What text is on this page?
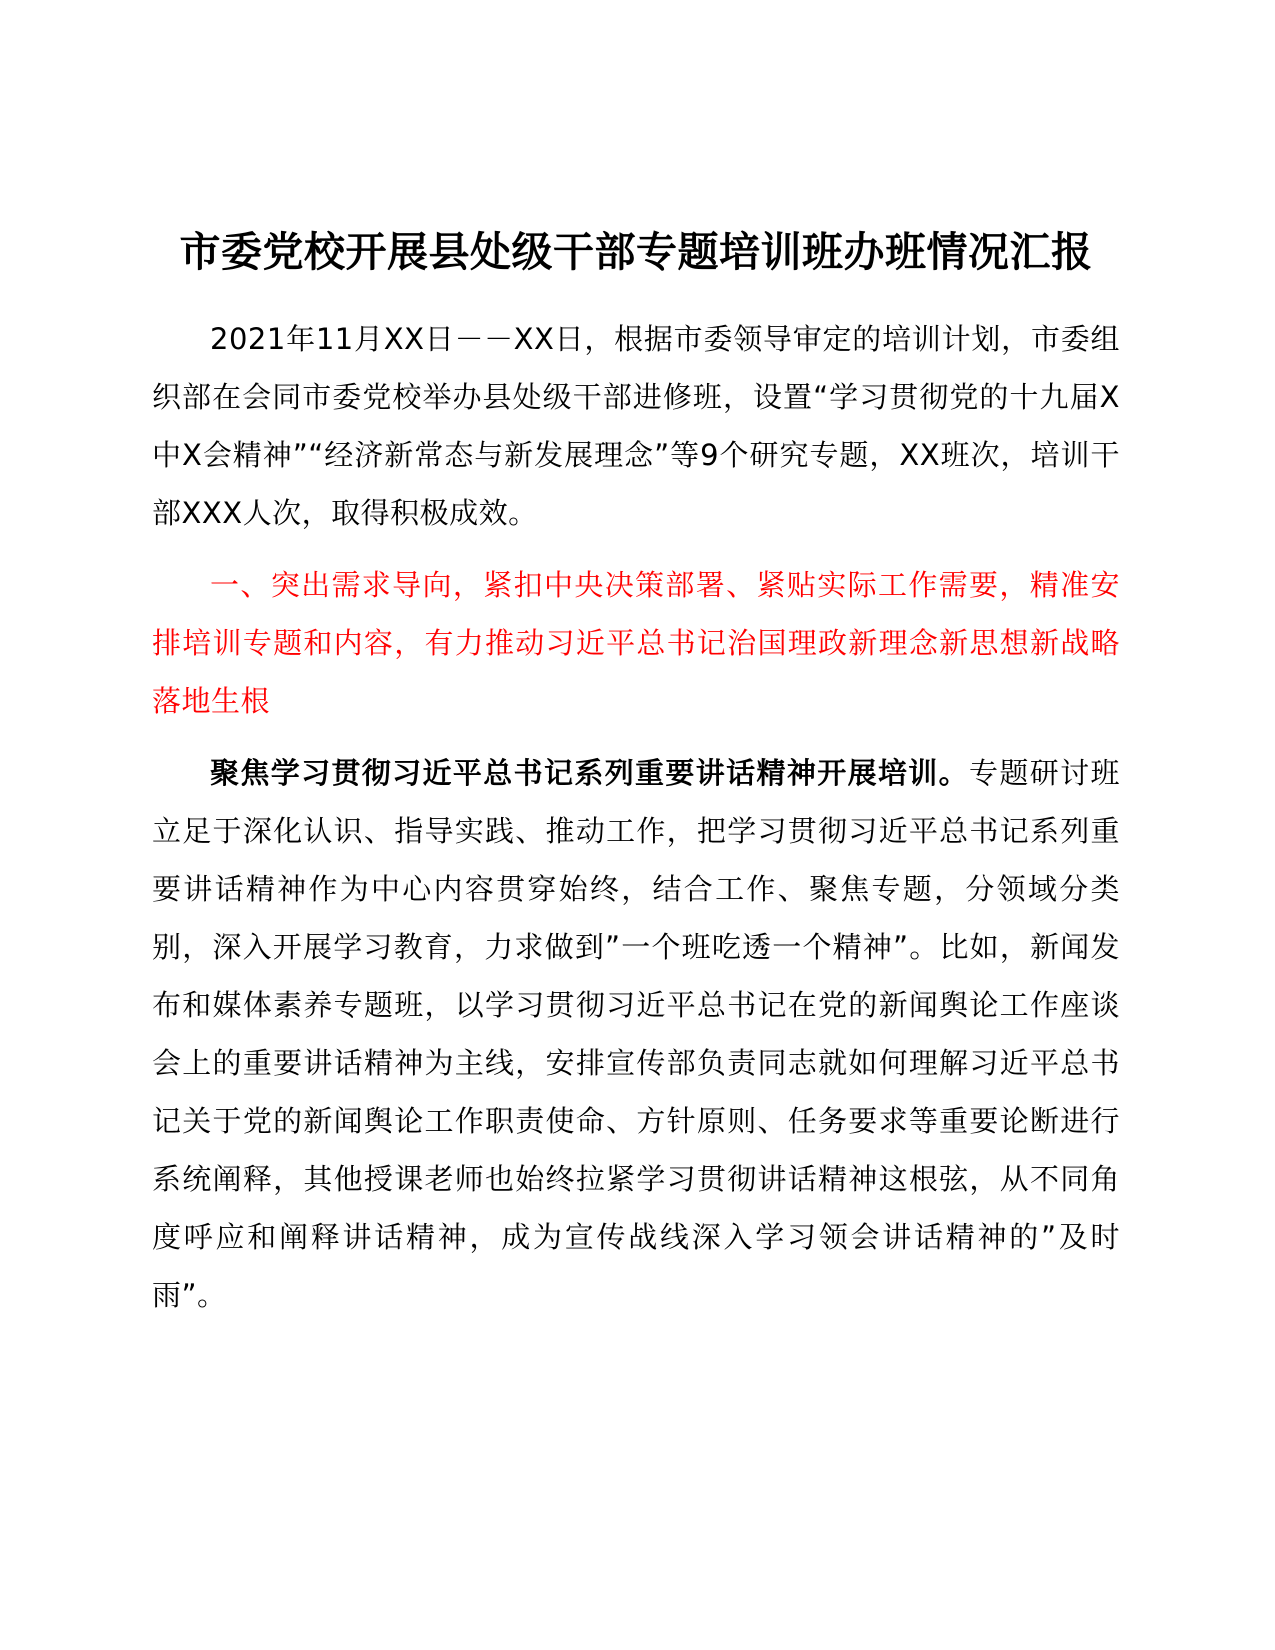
市委党校开展县处级干部专题培训班办班情况汇报

2021年11月XX日－－XX日，根据市委领导审定的培训计划，市委组织部在会同市委党校举办县处级干部进修班，设置“学习贯彻党的十九届X中X会精神”“经济新常态与新发展理念”等9个研究专题，XX班次，培训干部XXX人次，取得积极成效。

一、突出需求导向，紧扣中央决策部署、紧贴实际工作需要，精准安排培训专题和内容，有力推动习近平总书记治国理政新理念新思想新战略落地生根

聚焦学习贯彻习近平总书记系列重要讲话精神开展培训。专题研讨班立足于深化认识、指导实践、推动工作，把学习贯彻习近平总书记系列重要讲话精神作为中心内容贯穿始终，结合工作、聚焦专题，分领域分类别，深入开展学习教育，力求做到”一个班吃透一个精神”。比如，新闻发布和媒体素养专题班，以学习贯彻习近平总书记在党的新闻舆论工作座谈会上的重要讲话精神为主线，安排宣传部负责同志就如何理解习近平总书记关于党的新闻舆论工作职责使命、方针原则、任务要求等重要论断进行系统阐释，其他授课老师也始终拉紧学习贯彻讲话精神这根弦，从不同角度呼应和阐释讲话精神，成为宣传战线深入学习领会讲话精神的”及时雨”。
